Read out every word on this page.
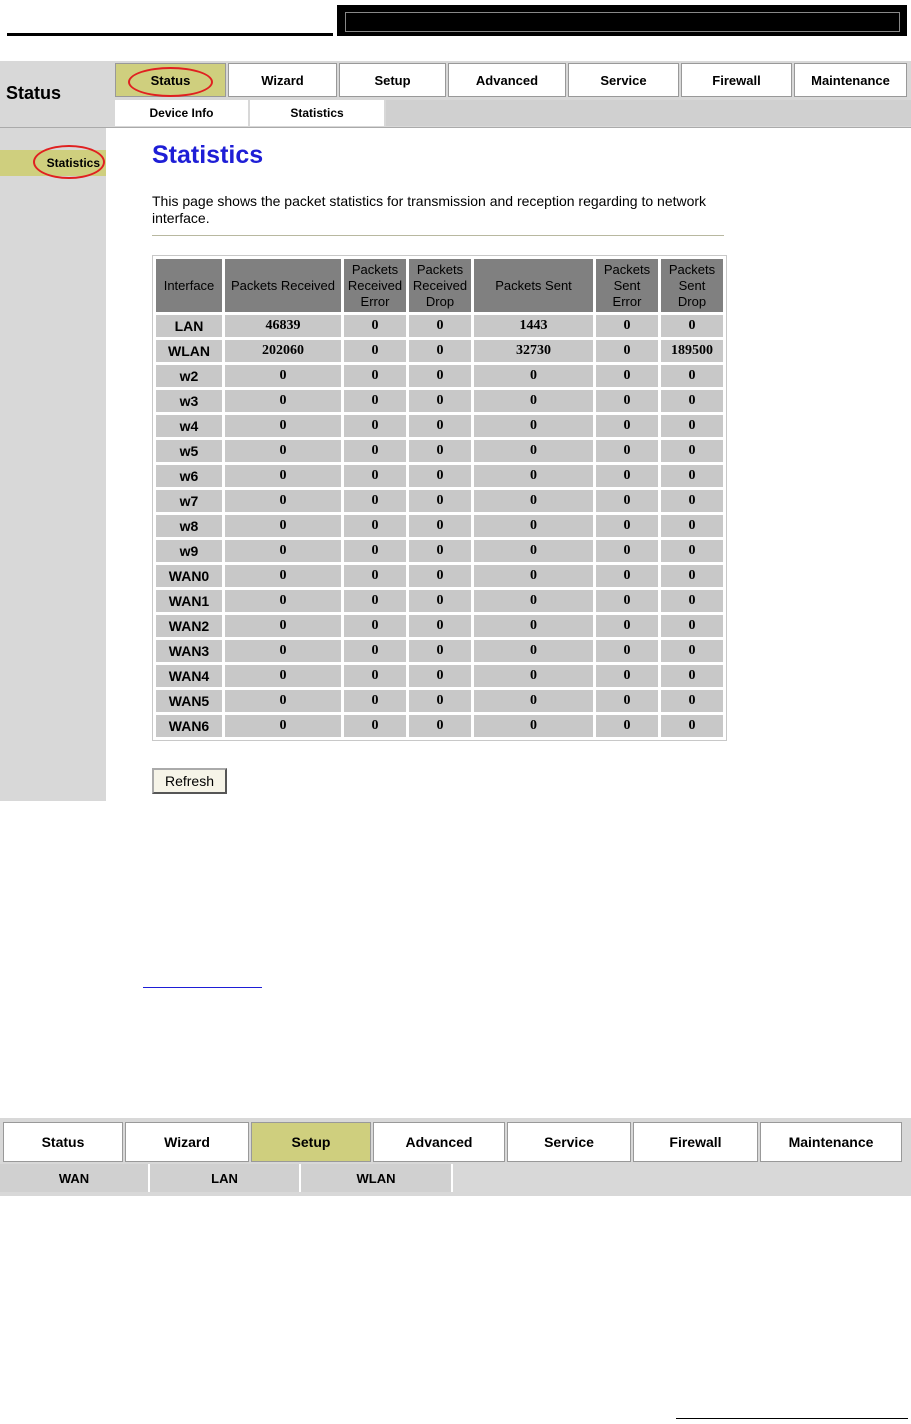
Status
Status	Wizard	Setup	Advanced	Service	Firewall	Maintenance
Device Info	Statistics
Statistics Statistics
This page shows the packet statistics for transmission and reception regarding to network interface.
Interface	Packets Received	Packets Received Error	Packets Received Drop	Packets Sent	Packets Sent Error	Packets Sent Drop
LAN	46839	0	0	1443	0	0
WLAN	202060	0	0	32730	0	189500
w2	0	0	0	0	0	0
w3	0	0	0	0	0	0
w4	0	0	0	0	0	0
w5	0	0	0	0	0	0
w6	0	0	0	0	0	0
w7	0	0	0	0	0	0
w8	0	0	0	0	0	0
w9	0	0	0	0	0	0
WAN0	0	0	0	0	0	0
WAN1	0	0	0	0	0	0
WAN2	0	0	0	0	0	0
WAN3	0	0	0	0	0	0
WAN4	0	0	0	0	0	0
WAN5	0	0	0	0	0	0
WAN6	0	0	0	0	0	0
Refresh
Status	Wizard	Setup	Advanced	Service	Firewall	Maintenance
WAN	LAN	WLAN
